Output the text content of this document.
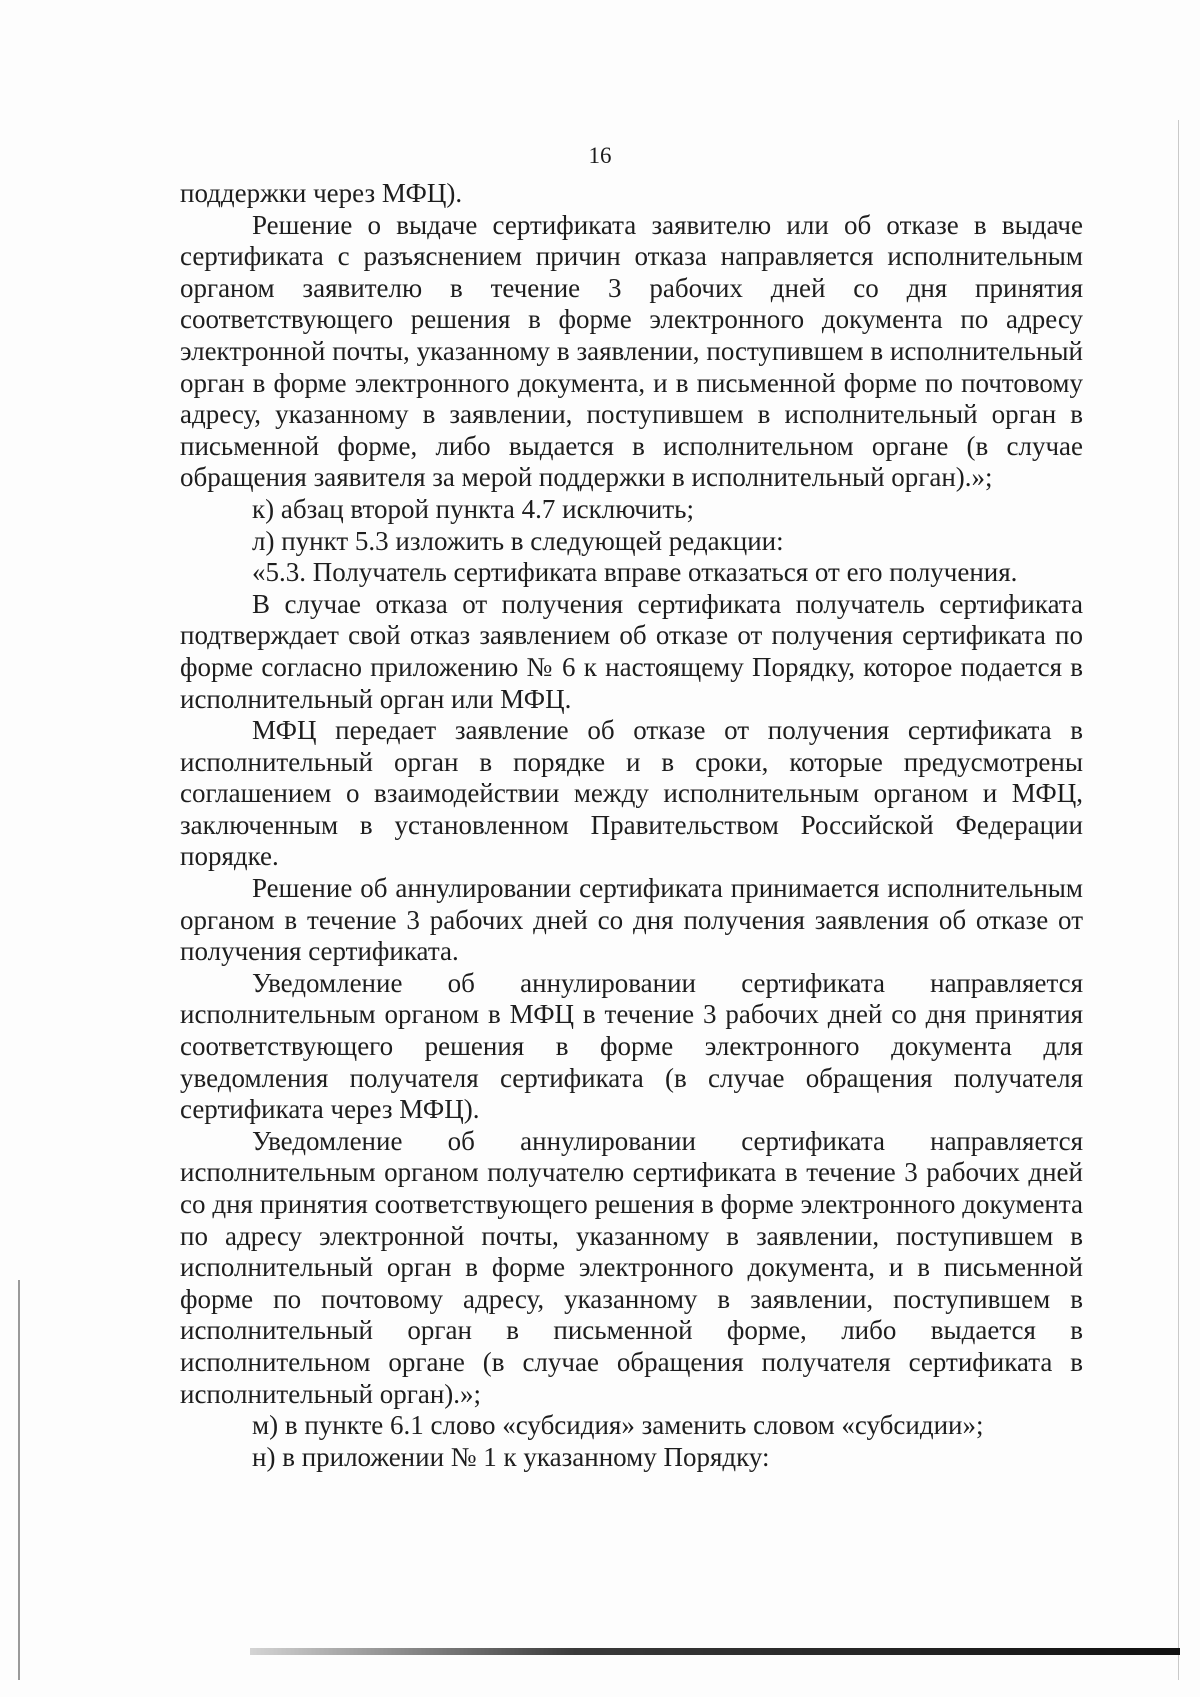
16

поддержки через МФЦ).

Решение о выдаче сертификата заявителю или об отказе в выдаче сертификата с разъяснением причин отказа направляется исполнительным органом заявителю в течение 3 рабочих дней со дня принятия соответствующего решения в форме электронного документа по адресу электронной почты, указанному в заявлении, поступившем в исполнительный орган в форме электронного документа, и в письменной форме по почтовому адресу, указанному в заявлении, поступившем в исполнительный орган в письменной форме, либо выдается в исполнительном органе (в случае обращения заявителя за мерой поддержки в исполнительный орган).»;

к) абзац второй пункта 4.7 исключить;

л) пункт 5.3 изложить в следующей редакции:

«5.3. Получатель сертификата вправе отказаться от его получения.

В случае отказа от получения сертификата получатель сертификата подтверждает свой отказ заявлением об отказе от получения сертификата по форме согласно приложению № 6 к настоящему Порядку, которое подается в исполнительный орган или МФЦ.

МФЦ передает заявление об отказе от получения сертификата в исполнительный орган в порядке и в сроки, которые предусмотрены соглашением о взаимодействии между исполнительным органом и МФЦ, заключенным в установленном Правительством Российской Федерации порядке.

Решение об аннулировании сертификата принимается исполнительным органом в течение 3 рабочих дней со дня получения заявления об отказе от получения сертификата.

Уведомление об аннулировании сертификата направляется исполнительным органом в МФЦ в течение 3 рабочих дней со дня принятия соответствующего решения в форме электронного документа для уведомления получателя сертификата (в случае обращения получателя сертификата через МФЦ).

Уведомление об аннулировании сертификата направляется исполнительным органом получателю сертификата в течение 3 рабочих дней со дня принятия соответствующего решения в форме электронного документа по адресу электронной почты, указанному в заявлении, поступившем в исполнительный орган в форме электронного документа, и в письменной форме по почтовому адресу, указанному в заявлении, поступившем в исполнительный орган в письменной форме, либо выдается в исполнительном органе (в случае обращения получателя сертификата в исполнительный орган).»;

м) в пункте 6.1 слово «субсидия» заменить словом «субсидии»;

н) в приложении № 1 к указанному Порядку:
